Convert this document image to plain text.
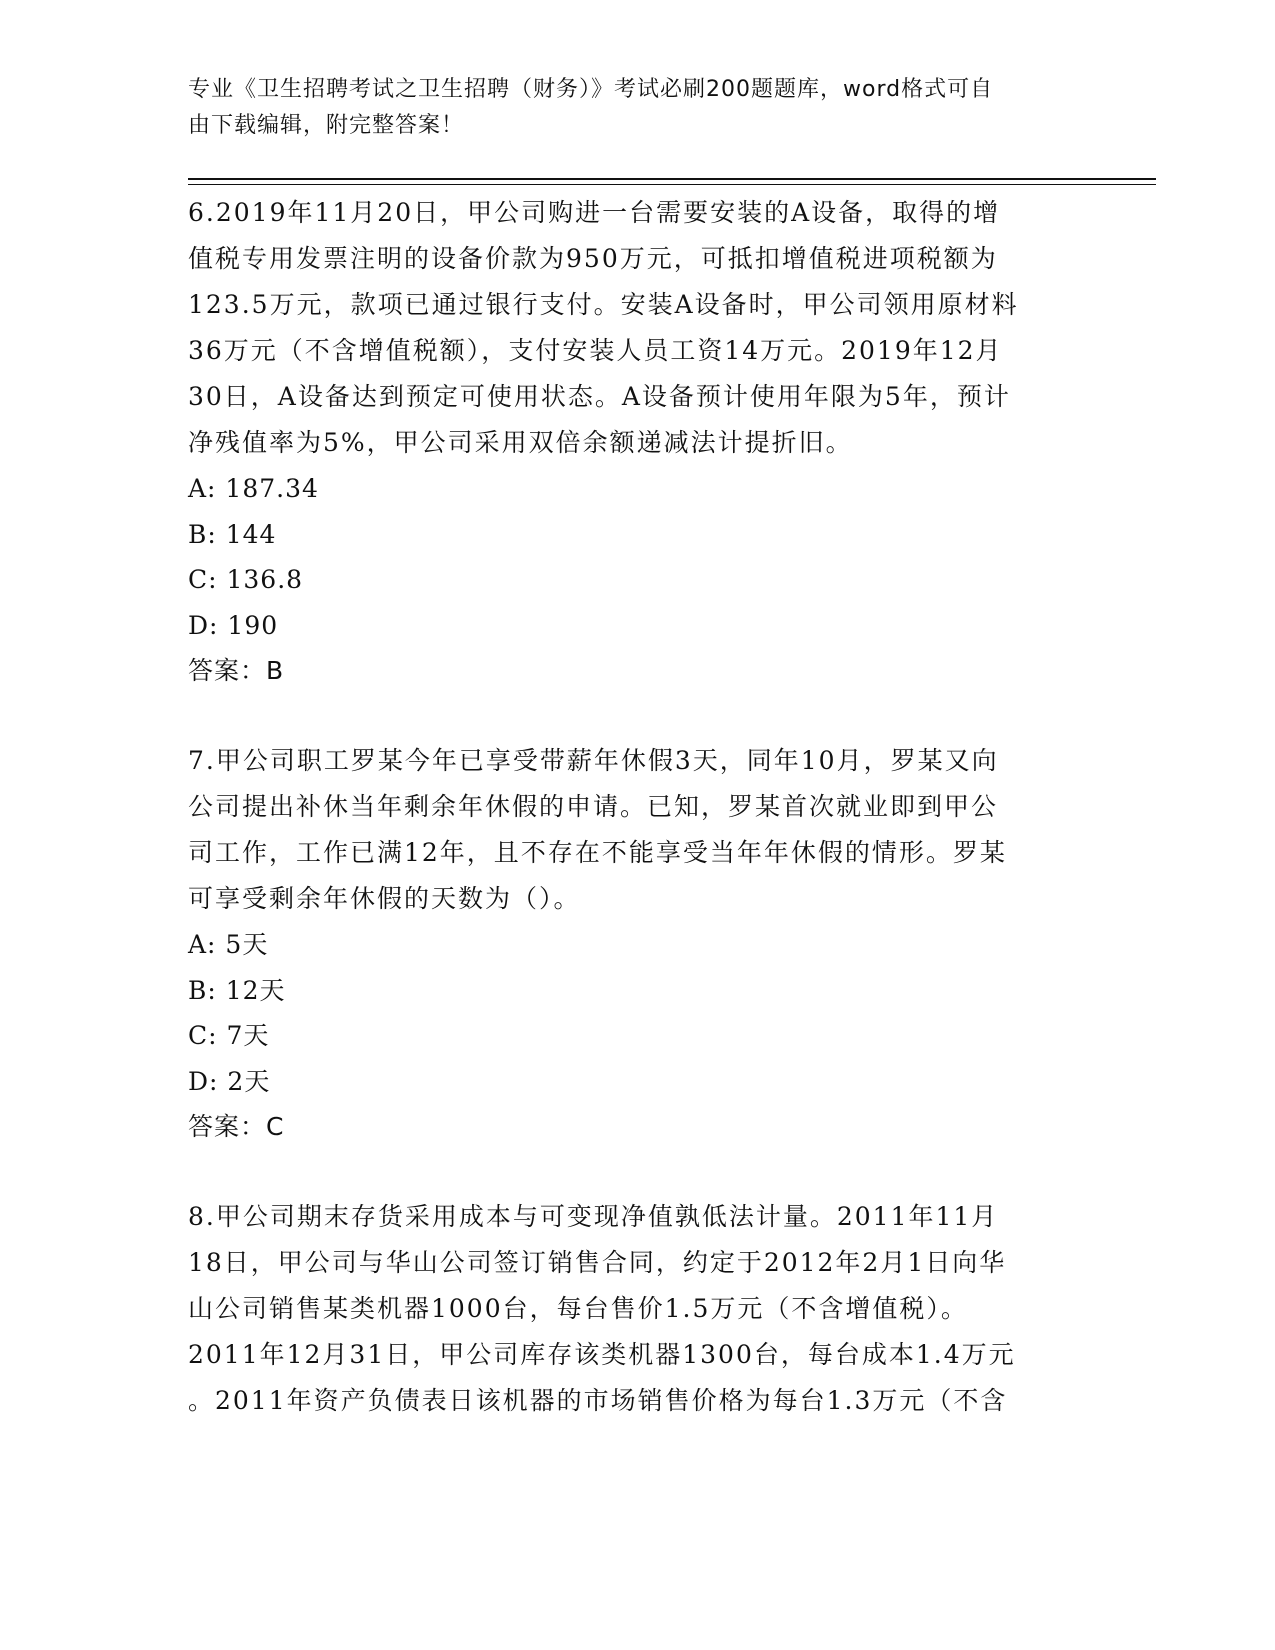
专业《卫生招聘考试之卫生招聘（财务）》考试必刷200题题库，word格式可自
由下载编辑，附完整答案！

6.2019年11月20日，甲公司购进一台需要安装的A设备，取得的增

值税专用发票注明的设备价款为950万元，可抵扣增值税进项税额为

123.5万元，款项已通过银行支付。安装A设备时，甲公司领用原材料

36万元（不含增值税额），支付安装人员工资14万元。2019年12月

30日，A设备达到预定可使用状态。A设备预计使用年限为5年，预计

净残值率为5%，甲公司采用双倍余额递减法计提折旧。

A: 187.34

B: 144

C: 136.8

D: 190

答案：B

7.甲公司职工罗某今年已享受带薪年休假3天，同年10月，罗某又向

公司提出补休当年剩余年休假的申请。已知，罗某首次就业即到甲公

司工作，工作已满12年，且不存在不能享受当年年休假的情形。罗某

可享受剩余年休假的天数为（）。

A: 5天

B: 12天

C: 7天

D: 2天

答案：C

8.甲公司期末存货采用成本与可变现净值孰低法计量。2011年11月

18日，甲公司与华山公司签订销售合同，约定于2012年2月1日向华

山公司销售某类机器1000台，每台售价1.5万元（不含增值税）。

2011年12月31日，甲公司库存该类机器1300台，每台成本1.4万元

。2011年资产负债表日该机器的市场销售价格为每台1.3万元（不含
